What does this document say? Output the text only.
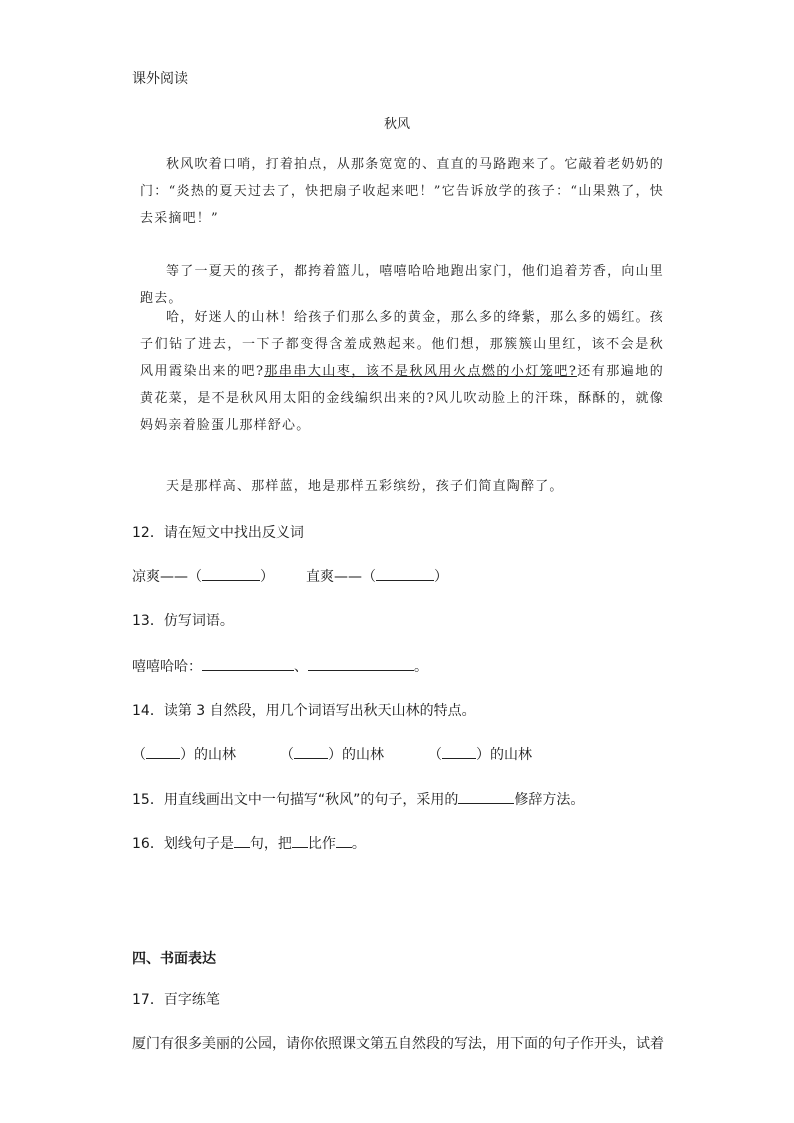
课外阅读
秋风
秋风吹着口哨，打着拍点，从那条宽宽的、直直的马路跑来了。它敲着老奶奶的门：“炎热的夏天过去了，快把扇子收起来吧！”它告诉放学的孩子：“山果熟了，快去采摘吧！”
等了一夏天的孩子，都挎着篮儿，嘻嘻哈哈地跑出家门，他们追着芳香，向山里跑去。
哈，好迷人的山林！给孩子们那么多的黄金，那么多的绛紫，那么多的嫣红。孩子们钻了进去，一下子都变得含羞成熟起来。他们想，那簇簇山里红，该不会是秋风用霞染出来的吧?那串串大山枣，该不是秋风用火点燃的小灯笼吧?还有那遍地的黄花菜，是不是秋风用太阳的金线编织出来的?风儿吹动脸上的汗珠，酥酥的，就像妈妈亲着脸蛋儿那样舒心。
天是那样高、那样蓝，地是那样五彩缤纷，孩子们简直陶醉了。
12．请在短文中找出反义词
凉爽——（	） 直爽——（	）
13．仿写词语。
嘻嘻哈哈：	、	。
14．读第 3 自然段，用几个词语写出秋天山林的特点。
（ ）的山林	（ ）的山林	（ ）的山林
15．用直线画出文中一句描写“秋风”的句子，采用的	修辞方法。
16．划线句子是 句，把 比作 。
四、书面表达
17．百字练笔
厦门有很多美丽的公园，请你依照课文第五自然段的写法，用下面的句子作开头，试着
